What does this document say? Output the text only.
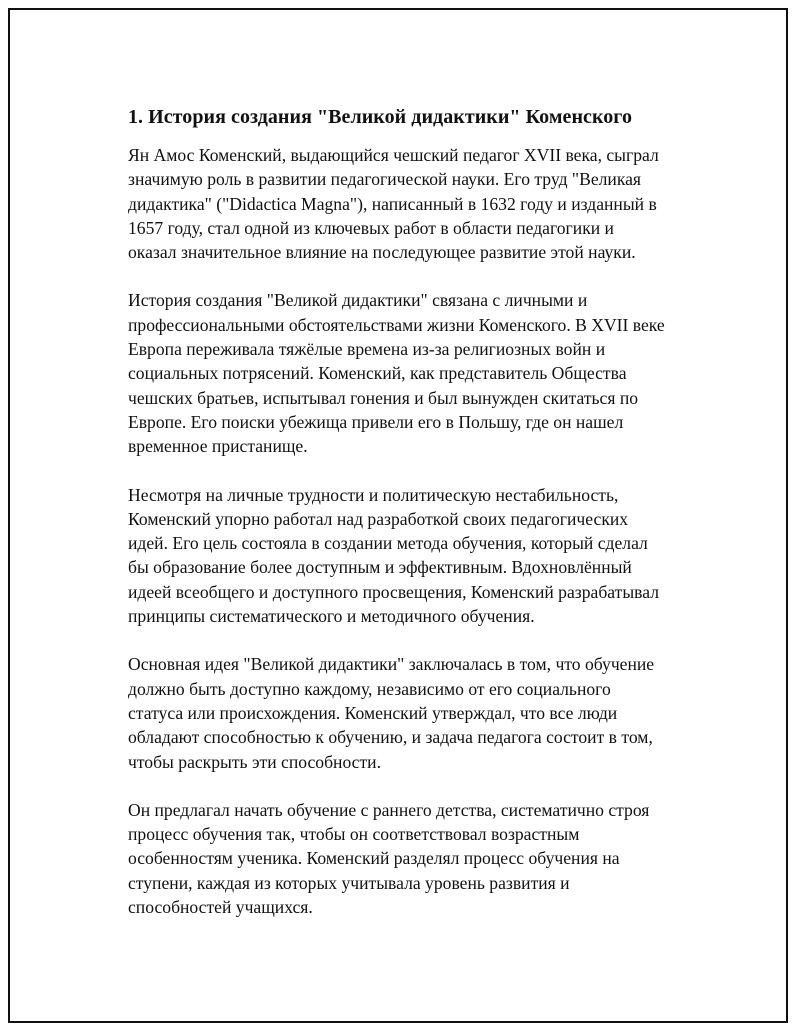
1. История создания "Великой дидактики" Коменского

Ян Амос Коменский, выдающийся чешский педагог XVII века, сыграл
значимую роль в развитии педагогической науки. Его труд "Великая
дидактика" ("Didactica Magna"), написанный в 1632 году и изданный в
1657 году, стал одной из ключевых работ в области педагогики и
оказал значительное влияние на последующее развитие этой науки.

История создания "Великой дидактики" связана с личными и
профессиональными обстоятельствами жизни Коменского. В XVII веке
Европа переживала тяжёлые времена из-за религиозных войн и
социальных потрясений. Коменский, как представитель Общества
чешских братьев, испытывал гонения и был вынужден скитаться по
Европе. Его поиски убежища привели его в Польшу, где он нашел
временное пристанище.

Несмотря на личные трудности и политическую нестабильность,
Коменский упорно работал над разработкой своих педагогических
идей. Его цель состояла в создании метода обучения, который сделал
бы образование более доступным и эффективным. Вдохновлённый
идеей всеобщего и доступного просвещения, Коменский разрабатывал
принципы систематического и методичного обучения.

Основная идея "Великой дидактики" заключалась в том, что обучение
должно быть доступно каждому, независимо от его социального
статуса или происхождения. Коменский утверждал, что все люди
обладают способностью к обучению, и задача педагога состоит в том,
чтобы раскрыть эти способности.

Он предлагал начать обучение с раннего детства, систематично строя
процесс обучения так, чтобы он соответствовал возрастным
особенностям ученика. Коменский разделял процесс обучения на
ступени, каждая из которых учитывала уровень развития и
способностей учащихся.
